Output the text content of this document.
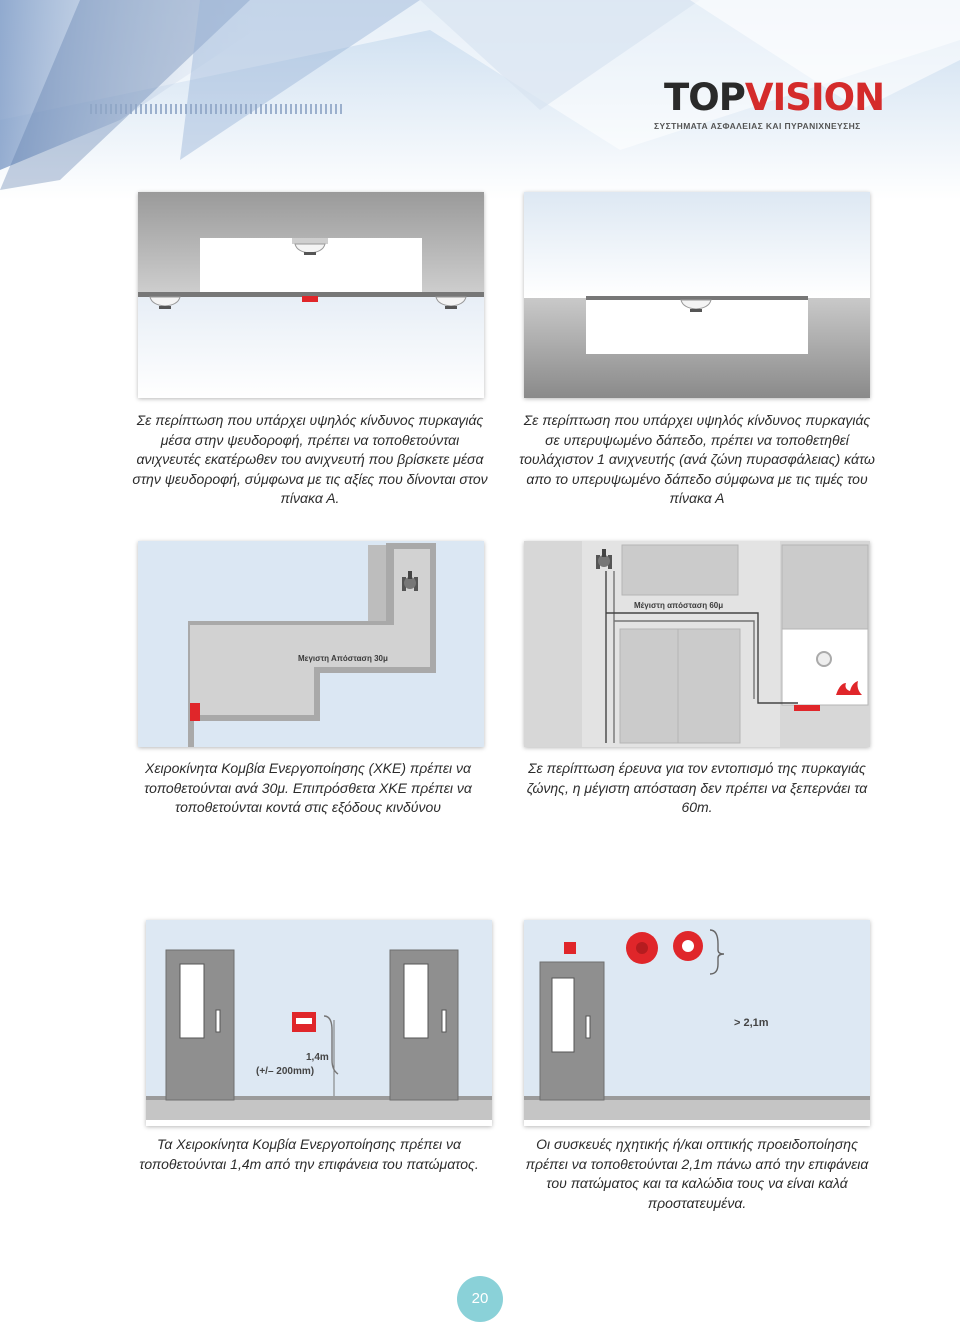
TOPVISION
ΣΥΣΤΗΜΑΤΑ ΑΣΦΑΛΕΙΑΣ ΚΑΙ ΠΥΡΑΝΙΧΝΕΥΣΗΣ
Σε περίπτωση που υπάρχει υψηλός κίνδυνος πυρκαγιάς μέσα στην ψευδοροφή, πρέπει να τοποθετούνται ανιχνευτές εκατέρωθεν του ανιχνευτή που βρίσκετε μέσα στην ψευδοροφή, σύμφωνα με τις αξίες που δίνονται στον πίνακα Α.
Σε περίπτωση που υπάρχει υψηλός κίνδυνος πυρκαγιάς σε υπερυψωμένο δάπεδο, πρέπει να τοποθετηθεί τουλάχιστον 1 ανιχνευτής (ανά ζώνη πυρασφάλειας) κάτω απο το υπερυψωμένο δάπεδο σύμφωνα με τις τιμές του πίνακα Α
Μεγιστη Απόσταση 30μ
Χειροκίνητα Κομβία Ενεργοποίησης (ΧΚΕ) πρέπει να τοποθετούνται ανά 30μ. Επιπρόσθετα ΧΚΕ πρέπει να τοποθετούνται κοντά στις εξόδους κινδύνου
Μέγιστη απόσταση 60μ
Σε περίπτωση έρευνα για τον εντοπισμό της πυρκαγιάς ζώνης, η μέγιστη απόσταση δεν πρέπει να ξεπερνάει τα 60m.
1,4m
(+/– 200mm)
Τα Χειροκίνητα Κομβία Ενεργοποίησης πρέπει να τοποθετούνται 1,4m από την επιφάνεια του πατώματος.
> 2,1m
Οι συσκευές ηχητικής ή/και οπτικής προειδοποίησης πρέπει να τοποθετούνται 2,1m πάνω από την επιφάνεια του πατώματος και τα καλώδια τους να είναι καλά προστατευμένα.
20
